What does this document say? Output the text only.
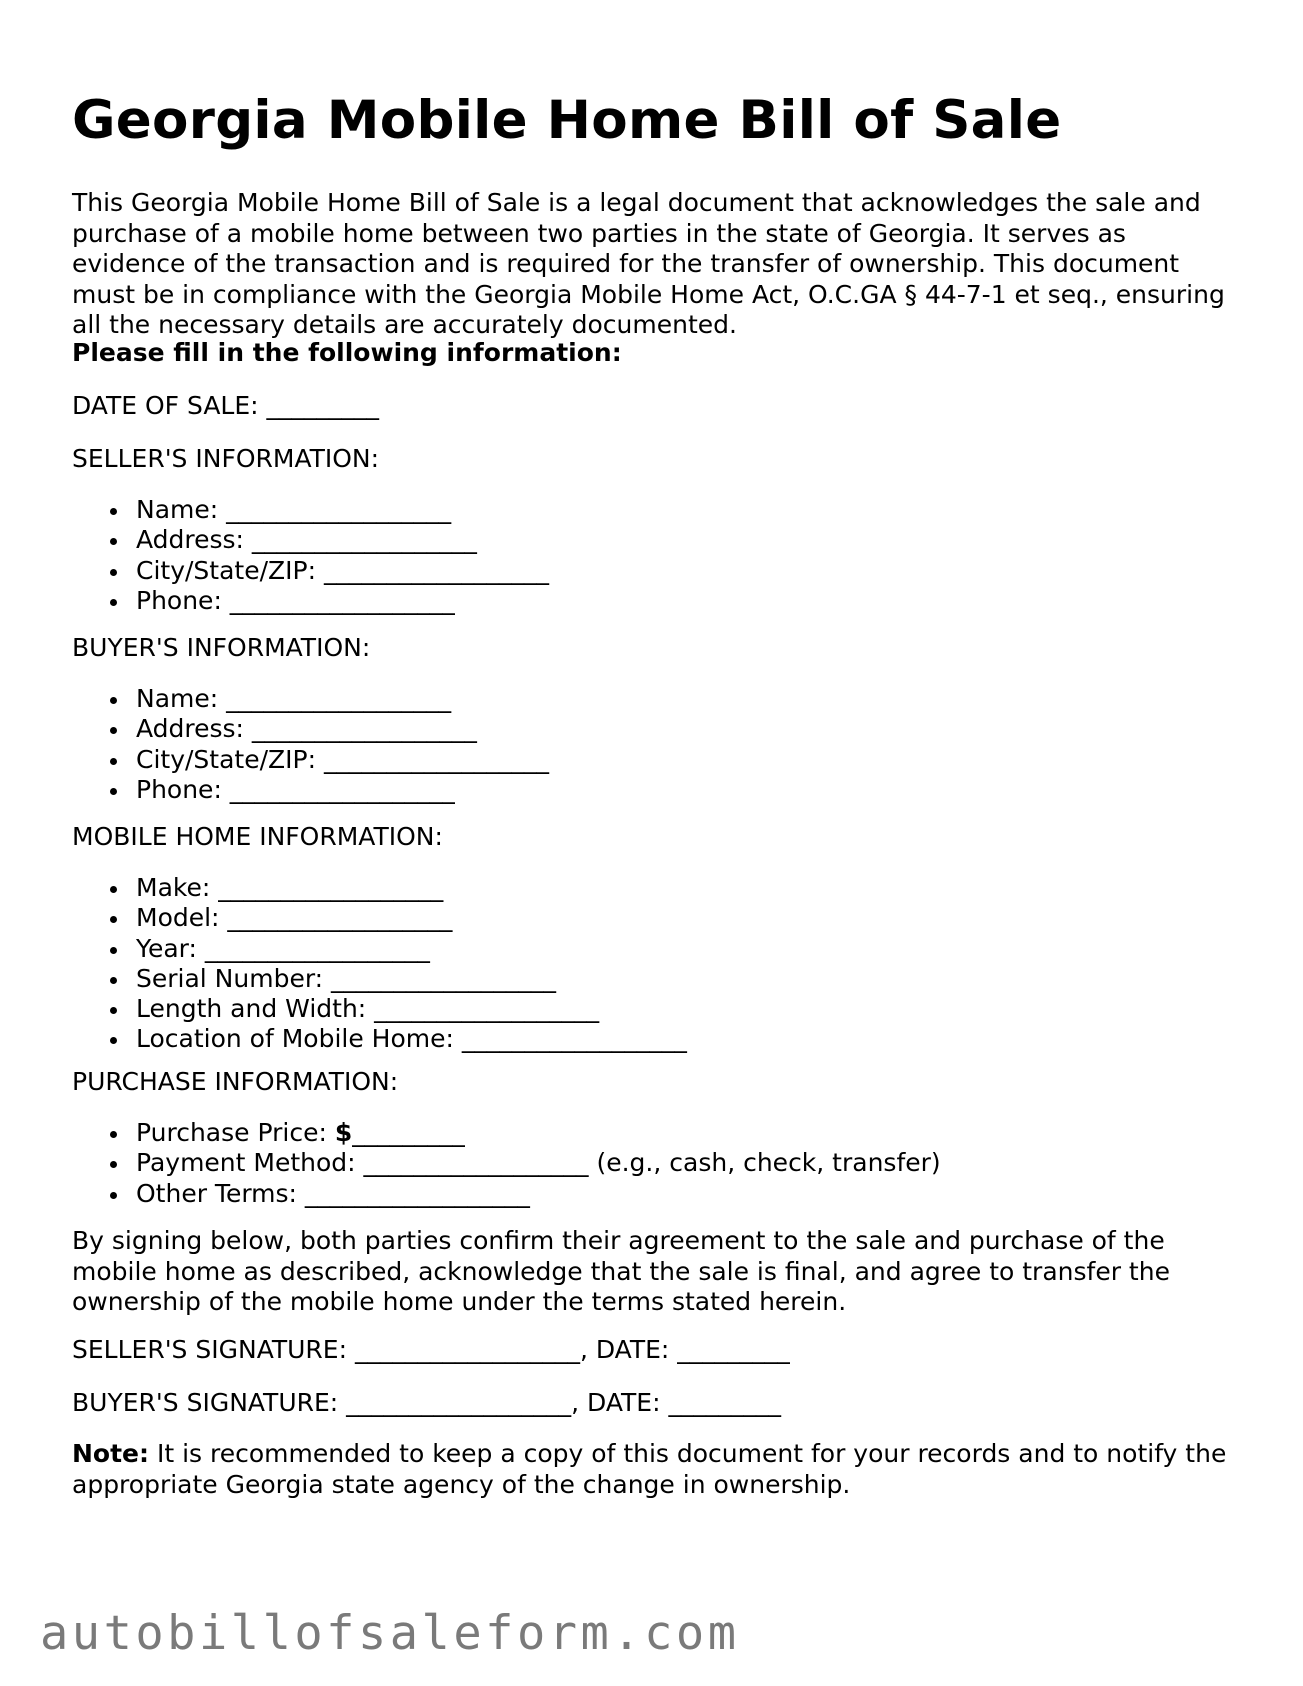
Georgia Mobile Home Bill of Sale

This Georgia Mobile Home Bill of Sale is a legal document that acknowledges the sale and purchase of a mobile home between two parties in the state of Georgia. It serves as evidence of the transaction and is required for the transfer of ownership. This document must be in compliance with the Georgia Mobile Home Act, O.C.GA § 44-7-1 et seq., ensuring all the necessary details are accurately documented.

Please fill in the following information:

DATE OF SALE: _________

SELLER'S INFORMATION:

Name: __________________
Address: __________________
City/State/ZIP: __________________
Phone: __________________

BUYER'S INFORMATION:

Name: __________________
Address: __________________
City/State/ZIP: __________________
Phone: __________________

MOBILE HOME INFORMATION:

Make: __________________
Model: __________________
Year: __________________
Serial Number: __________________
Length and Width: __________________
Location of Mobile Home: __________________

PURCHASE INFORMATION:

Purchase Price: $_________
Payment Method: __________________ (e.g., cash, check, transfer)
Other Terms: __________________

By signing below, both parties confirm their agreement to the sale and purchase of the mobile home as described, acknowledge that the sale is final, and agree to transfer the ownership of the mobile home under the terms stated herein.

SELLER'S SIGNATURE: __________________, DATE: _________

BUYER'S SIGNATURE: __________________, DATE: _________

Note: It is recommended to keep a copy of this document for your records and to notify the appropriate Georgia state agency of the change in ownership.

autobillofsaleform.com
